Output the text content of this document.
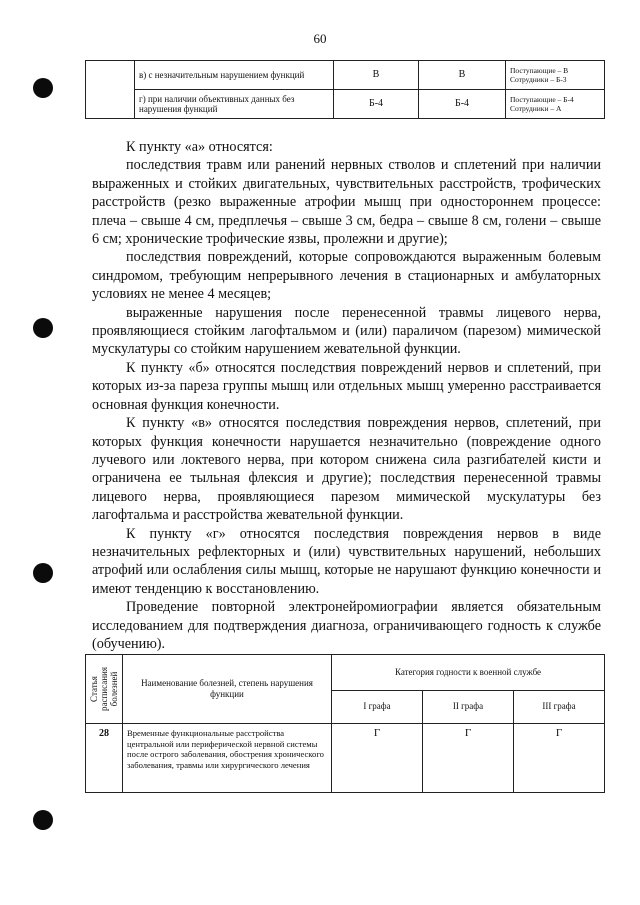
60
	в) с незначительным нарушением функций	В	В	Поступающие – В
Сотрудники – Б-3

	г) при наличии объективных данных без нарушения функций	Б-4	Б-4	Поступающие – Б-4
Сотрудники – А

К пункту «а» относятся:

последствия травм или ранений нервных стволов и сплетений при наличии выраженных и стойких двигательных, чувствительных расстройств, трофических расстройств (резко выраженные атрофии мышц при одностороннем процессе: плеча – свыше 4 см, предплечья – свыше 3 см, бедра – свыше 8 см, голени – свыше 6 см; хронические трофические язвы, пролежни и другие);

последствия повреждений, которые сопровождаются выраженным болевым синдромом, требующим непрерывного лечения в стационарных и амбулаторных условиях не менее 4 месяцев;

выраженные нарушения после перенесенной травмы лицевого нерва, проявляющиеся стойким лагофтальмом и (или) параличом (парезом) мимической мускулатуры со стойким нарушением жевательной функции.

К пункту «б» относятся последствия повреждений нервов и сплетений, при которых из-за пареза группы мышц или отдельных мышц умеренно расстраивается основная функция конечности.

К пункту «в» относятся последствия повреждения нервов, сплетений, при которых функция конечности нарушается незначительно (повреждение одного лучевого или локтевого нерва, при котором снижена сила разгибателей кисти и ограничена ее тыльная флексия и другие); последствия перенесенной травмы лицевого нерва, проявляющиеся парезом мимической мускулатуры без лагофтальма и расстройства жевательной функции.

К пункту «г» относятся последствия повреждения нервов в виде незначительных рефлекторных и (или) чувствительных нарушений, небольших атрофий или ослабления силы мышц, которые не нарушают функцию конечности и имеют тенденцию к восстановлению.

Проведение повторной электронейромиографии является обязательным исследованием для подтверждения диагноза, ограничивающего годность к службе (обучению).

Статья расписания болезней	Наименование болезней, степень нарушения функции	Категория годности к военной службе		
		I графа	II графа	III графа
28	Временные функциональные расстройства центральной или периферической нервной системы после острого заболевания, обострения хронического заболевания, травмы или хирургического лечения	Г	Г	Г
